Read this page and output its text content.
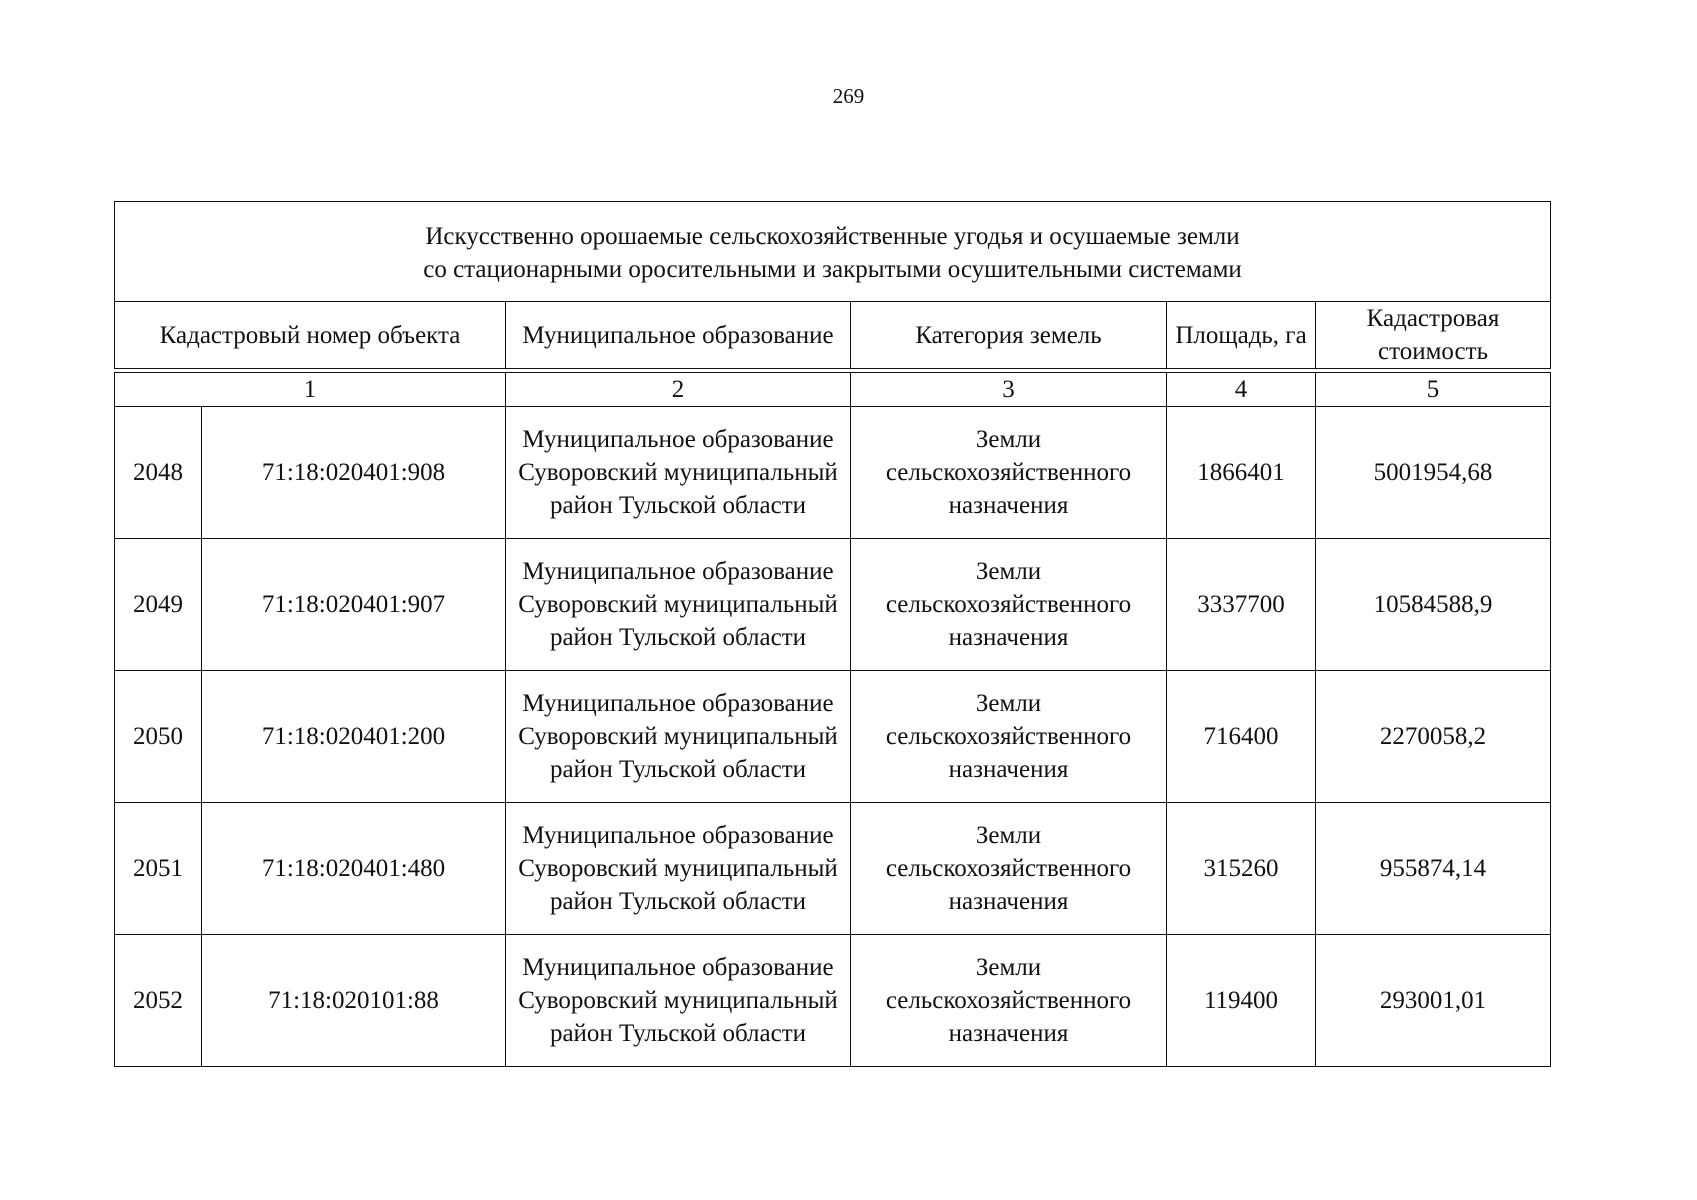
269
Искусственно орошаемые сельскохозяйственные угодья и осушаемые земли
со стационарными оросительными и закрытыми осушительными системами					

Кадастровый номер объекта		Муниципальное образование	Категория земель	Площадь, га	Кадастровая стоимость

1		2	3	4	5
2048	71:18:020401:908	Муниципальное образование Суворовский муниципальный район Тульской области	Земли сельскохозяйственного назначения	1866401	5001954,68
2049	71:18:020401:907	Муниципальное образование Суворовский муниципальный район Тульской области	Земли сельскохозяйственного назначения	3337700	10584588,9
2050	71:18:020401:200	Муниципальное образование Суворовский муниципальный район Тульской области	Земли сельскохозяйственного назначения	716400	2270058,2
2051	71:18:020401:480	Муниципальное образование Суворовский муниципальный район Тульской области	Земли сельскохозяйственного назначения	315260	955874,14
2052	71:18:020101:88	Муниципальное образование Суворовский муниципальный район Тульской области	Земли сельскохозяйственного назначения	119400	293001,01
